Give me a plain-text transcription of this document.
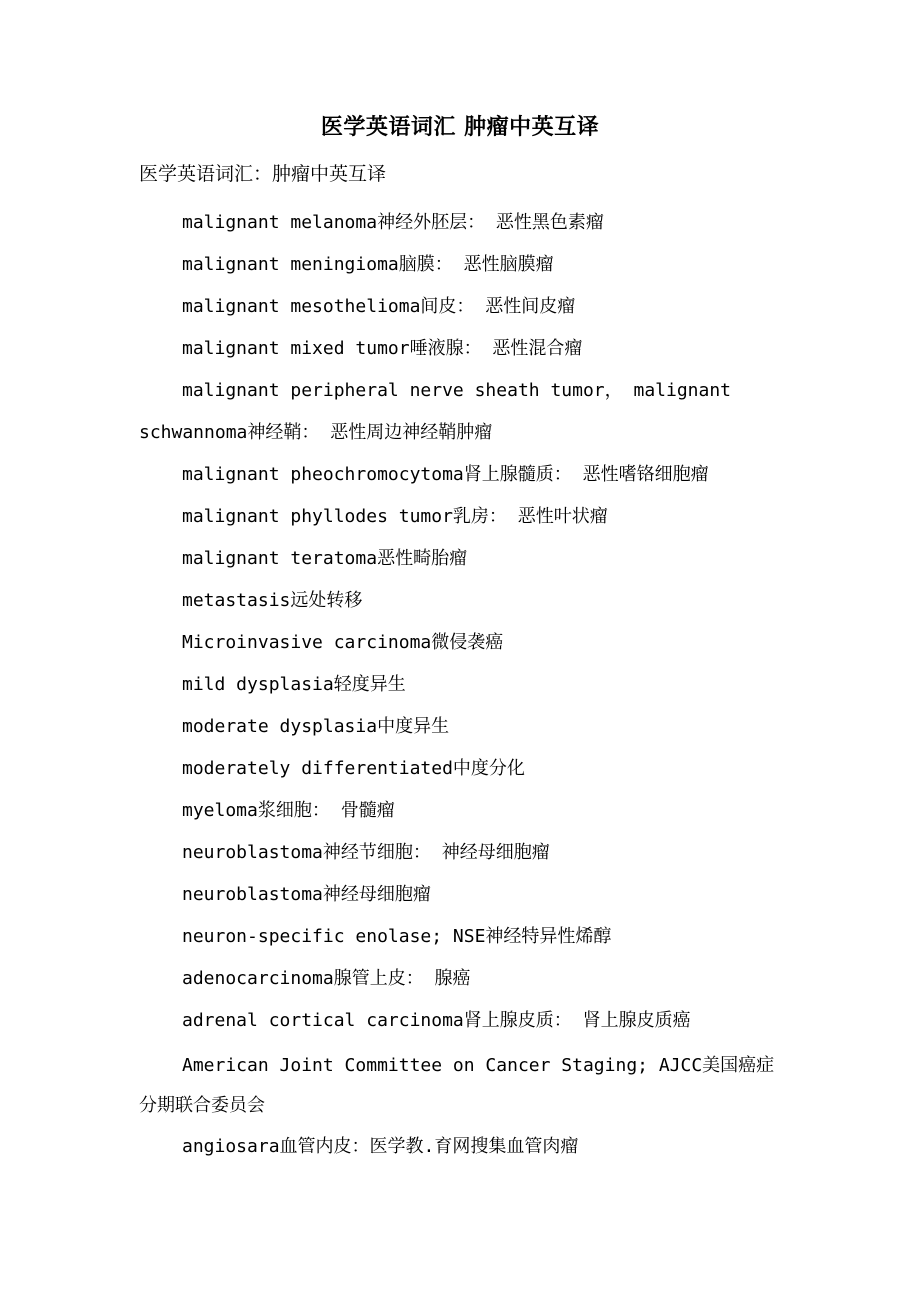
医学英语词汇 肿瘤中英互译
医学英语词汇：肿瘤中英互译
malignant melanoma神经外胚层： 恶性黑色素瘤
malignant meningioma脑膜： 恶性脑膜瘤
malignant mesothelioma间皮： 恶性间皮瘤
malignant mixed tumor唾液腺： 恶性混合瘤
malignant peripheral nerve sheath tumor， malignant schwannoma神经鞘： 恶性周边神经鞘肿瘤
malignant pheochromocytoma肾上腺髓质： 恶性嗜铬细胞瘤
malignant phyllodes tumor乳房： 恶性叶状瘤
malignant teratoma恶性畸胎瘤
metastasis远处转移
Microinvasive carcinoma微侵袭癌
mild dysplasia轻度异生
moderate dysplasia中度异生
moderately differentiated中度分化
myeloma浆细胞： 骨髓瘤
neuroblastoma神经节细胞： 神经母细胞瘤
neuroblastoma神经母细胞瘤
neuron-specific enolase; NSE神经特异性烯醇
adenocarcinoma腺管上皮： 腺癌
adrenal cortical carcinoma肾上腺皮质： 肾上腺皮质癌
American Joint Committee on Cancer Staging; AJCC美国癌症分期联合委员会
angiosara血管内皮：医学教.育网搜集血管肉瘤
